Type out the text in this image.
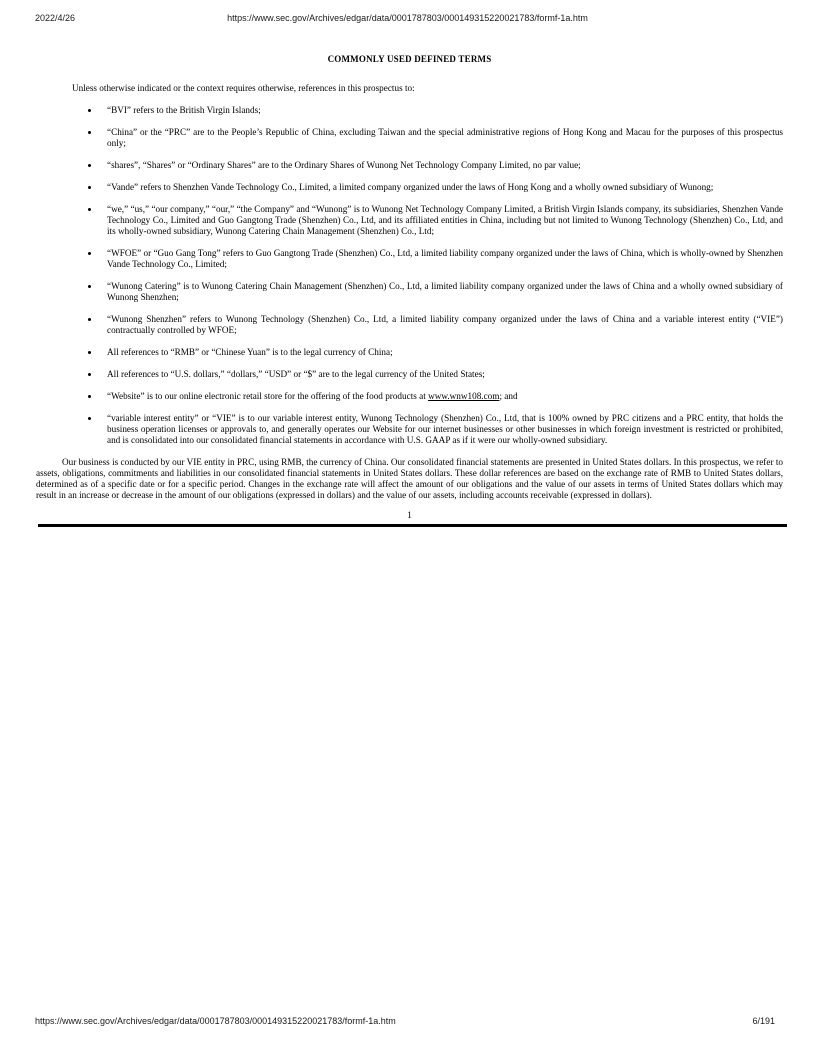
2022/4/26	https://www.sec.gov/Archives/edgar/data/0001787803/000149315220021783/formf-1a.htm
COMMONLY USED DEFINED TERMS

Unless otherwise indicated or the context requires otherwise, references in this prospectus to:

“BVI” refers to the British Virgin Islands;
“China” or the “PRC” are to the People’s Republic of China, excluding Taiwan and the special administrative regions of Hong Kong and Macau for the purposes of this prospectus only;
“shares”, “Shares” or “Ordinary Shares” are to the Ordinary Shares of Wunong Net Technology Company Limited, no par value;
“Vande” refers to Shenzhen Vande Technology Co., Limited, a limited company organized under the laws of Hong Kong and a wholly owned subsidiary of Wunong;
“we,” “us,” “our company,” “our,” “the Company” and “Wunong” is to Wunong Net Technology Company Limited, a British Virgin Islands company, its subsidiaries, Shenzhen Vande Technology Co., Limited and Guo Gangtong Trade (Shenzhen) Co., Ltd, and its affiliated entities in China, including but not limited to Wunong Technology (Shenzhen) Co., Ltd, and its wholly-owned subsidiary, Wunong Catering Chain Management (Shenzhen) Co., Ltd;
“WFOE” or “Guo Gang Tong” refers to Guo Gangtong Trade (Shenzhen) Co., Ltd, a limited liability company organized under the laws of China, which is wholly-owned by Shenzhen Vande Technology Co., Limited;
“Wunong Catering” is to Wunong Catering Chain Management (Shenzhen) Co., Ltd, a limited liability company organized under the laws of China and a wholly owned subsidiary of Wunong Shenzhen;
“Wunong Shenzhen” refers to Wunong Technology (Shenzhen) Co., Ltd, a limited liability company organized under the laws of China and a variable interest entity (“VIE”) contractually controlled by WFOE;
All references to “RMB” or “Chinese Yuan” is to the legal currency of China;
All references to “U.S. dollars,” “dollars,” “USD” or “$” are to the legal currency of the United States;
“Website” is to our online electronic retail store for the offering of the food products at www.wnw108.com; and
“variable interest entity” or “VIE” is to our variable interest entity, Wunong Technology (Shenzhen) Co., Ltd, that is 100% owned by PRC citizens and a PRC entity, that holds the business operation licenses or approvals to, and generally operates our Website for our internet businesses or other businesses in which foreign investment is restricted or prohibited, and is consolidated into our consolidated financial statements in accordance with U.S. GAAP as if it were our wholly-owned subsidiary.

Our business is conducted by our VIE entity in PRC, using RMB, the currency of China. Our consolidated financial statements are presented in United States dollars. In this prospectus, we refer to assets, obligations, commitments and liabilities in our consolidated financial statements in United States dollars. These dollar references are based on the exchange rate of RMB to United States dollars, determined as of a specific date or for a specific period. Changes in the exchange rate will affect the amount of our obligations and the value of our assets in terms of United States dollars which may result in an increase or decrease in the amount of our obligations (expressed in dollars) and the value of our assets, including accounts receivable (expressed in dollars).

1
https://www.sec.gov/Archives/edgar/data/0001787803/000149315220021783/formf-1a.htm	6/191
